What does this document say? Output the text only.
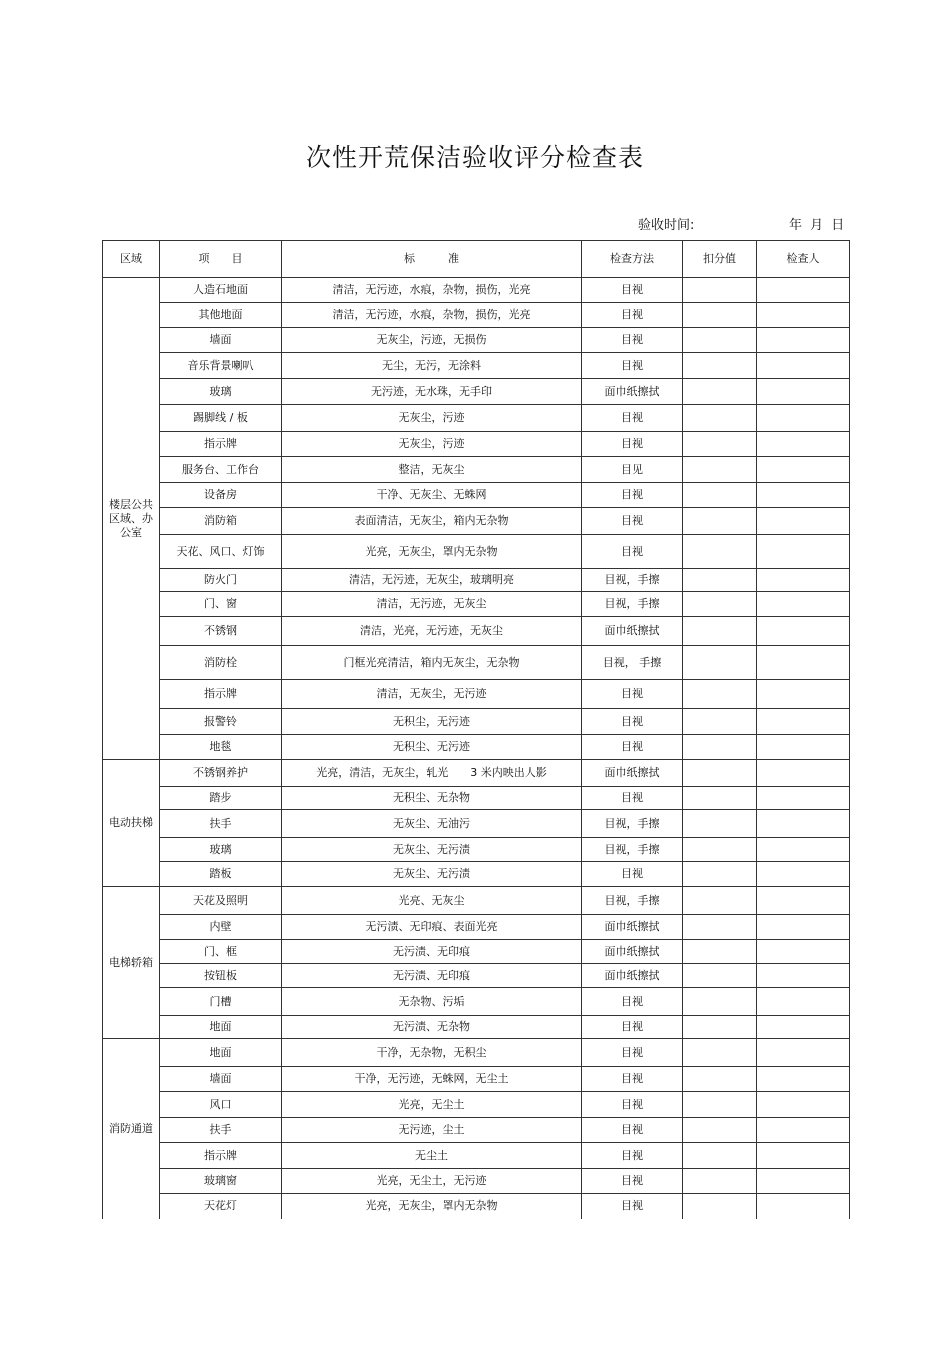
次性开荒保洁验收评分检查表
验收时间:	年 月 日
区域	项　　目	标　　　准	检查方法	扣分值	检查人
楼层公共区域、办公室	人造石地面	清洁，无污迹，水痕，杂物，损伤，光亮	目视		
	其他地面	清洁，无污迹，水痕，杂物，损伤，光亮	目视		
	墙面	无灰尘，污迹，无损伤	目视		
	音乐背景喇叭	无尘，无污，无涂料	目视		
	玻璃	无污迹，无水珠，无手印	面巾纸擦拭		
	踢脚线 / 板	无灰尘，污迹	目视		
	指示牌	无灰尘，污迹	目视		
	服务台、工作台	整洁，无灰尘	目见		
	设备房	干净、无灰尘、无蛛网	目视		
	消防箱	表面清洁，无灰尘，箱内无杂物	目视		
	天花、风口、灯饰	光亮，无灰尘，罩内无杂物	目视		
	防火门	清洁，无污迹，无灰尘，玻璃明亮	目视，手擦		
	门、窗	清洁，无污迹，无灰尘	目视，手擦		
	不锈钢	清洁，光亮，无污迹，无灰尘	面巾纸擦拭		
	消防栓	门框光亮清洁，箱内无灰尘，无杂物	目视， 手擦		
	指示牌	清洁，无灰尘，无污迹	目视		
	报警铃	无积尘，无污迹	目视		
	地毯	无积尘、无污迹	目视		
电动扶梯	不锈钢养护	光亮，清洁，无灰尘，轧光　　3 米内映出人影	面巾纸擦拭		
	踏步	无积尘、无杂物	目视		
	扶手	无灰尘、无油污	目视，手擦		
	玻璃	无灰尘、无污渍	目视，手擦		
	踏板	无灰尘、无污渍	目视		
电梯轿箱	天花及照明	光亮、无灰尘	目视，手擦		
	内壁	无污渍、无印痕、表面光亮	面巾纸擦拭		
	门、框	无污渍、无印痕	面巾纸擦拭		
	按钮板	无污渍、无印痕	面巾纸擦拭		
	门槽	无杂物、污垢	目视		
	地面	无污渍、无杂物	目视		
消防通道	地面	干净，无杂物，无积尘	目视		
	墙面	干净，无污迹，无蛛网，无尘土	目视		
	风口	光亮，无尘土	目视		
	扶手	无污迹，尘土	目视		
	指示牌	无尘土	目视		
	玻璃窗	光亮，无尘土，无污迹	目视		
	天花灯	光亮，无灰尘，罩内无杂物	目视		
